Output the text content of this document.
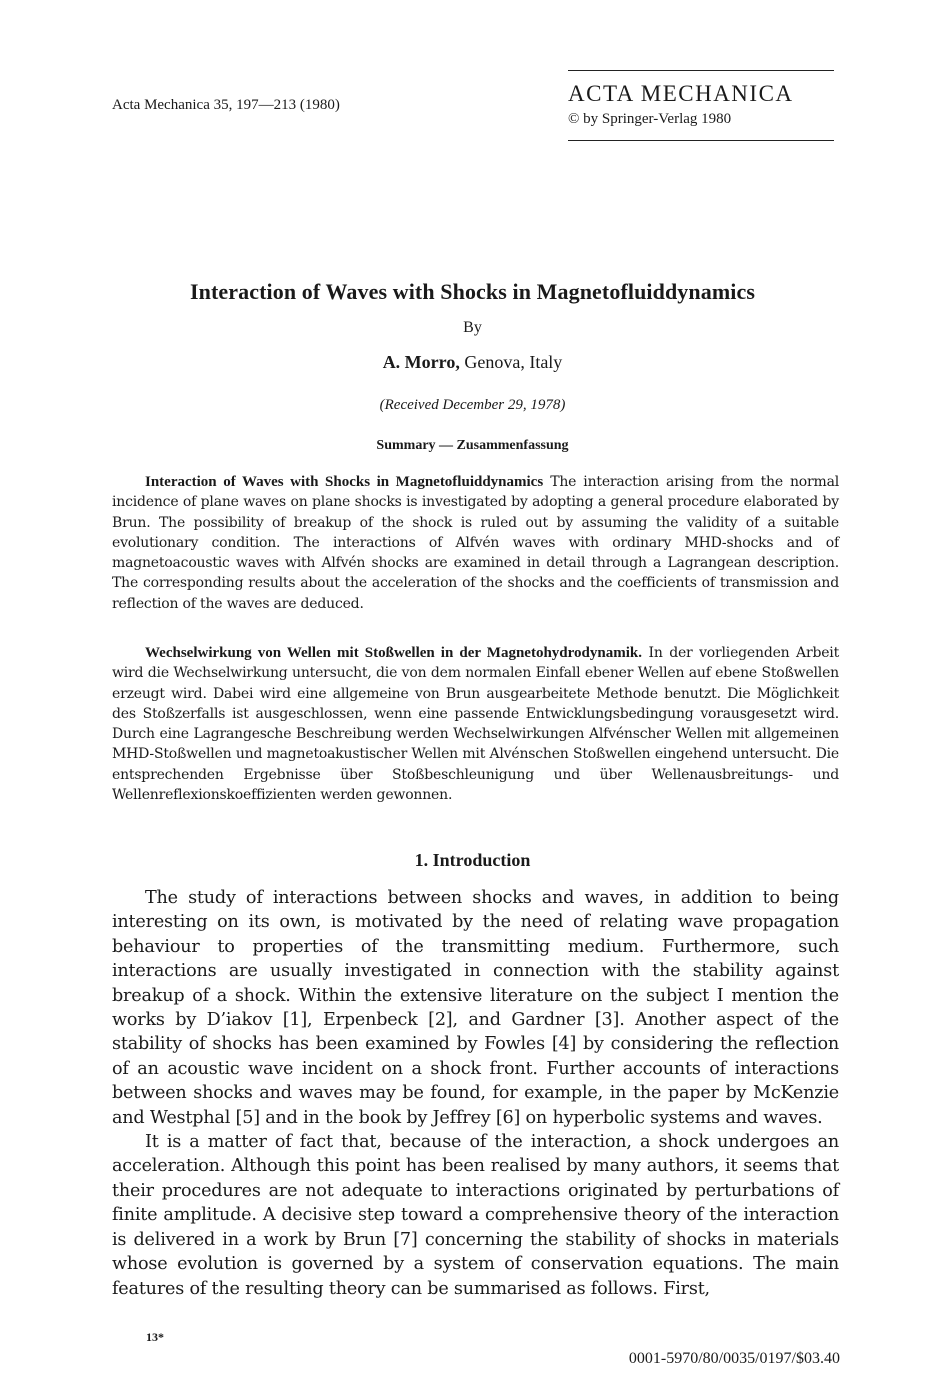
Acta Mechanica 35, 197—213 (1980)	ACTA MECHANICA
© by Springer-Verlag 1980
Interaction of Waves with Shocks in Magnetofluiddynamics
By
A. Morro, Genova, Italy
(Received December 29, 1978)
Summary — Zusammenfassung
Interaction of Waves with Shocks in Magnetofluiddynamics The interaction arising from the normal incidence of plane waves on plane shocks is investigated by adopting a general procedure elaborated by Brun. The possibility of breakup of the shock is ruled out by assuming the validity of a suitable evolutionary condition. The interactions of Alfvén waves with ordinary MHD-shocks and of magnetoacoustic waves with Alfvén shocks are examined in detail through a Lagrangean description. The corresponding results about the acceleration of the shocks and the coefficients of transmission and reflection of the waves are deduced.
Wechselwirkung von Wellen mit Stoßwellen in der Magnetohydrodynamik. In der vorliegenden Arbeit wird die Wechselwirkung untersucht, die von dem normalen Einfall ebener Wellen auf ebene Stoßwellen erzeugt wird. Dabei wird eine allgemeine von Brun ausgearbeitete Methode benutzt. Die Möglichkeit des Stoßzerfalls ist ausgeschlossen, wenn eine passende Entwicklungsbedingung vorausgesetzt wird. Durch eine Lagrangesche Beschreibung werden Wechselwirkungen Alfvénscher Wellen mit allgemeinen MHD-Stoßwellen und magnetoakustischer Wellen mit Alvénschen Stoßwellen eingehend untersucht. Die entsprechenden Ergebnisse über Stoßbeschleunigung und über Wellenausbreitungs- und Wellenreflexionskoeffizienten werden gewonnen.
1. Introduction

The study of interactions between shocks and waves, in addition to being interesting on its own, is motivated by the need of relating wave propagation behaviour to properties of the transmitting medium. Furthermore, such interactions are usually investigated in connection with the stability against breakup of a shock. Within the extensive literature on the subject I mention the works by D’iakov [1], Erpenbeck [2], and Gardner [3]. Another aspect of the stability of shocks has been examined by Fowles [4] by considering the reflection of an acoustic wave incident on a shock front. Further accounts of interactions between shocks and waves may be found, for example, in the paper by McKenzie and Westphal [5] and in the book by Jeffrey [6] on hyperbolic systems and waves.

It is a matter of fact that, because of the interaction, a shock undergoes an acceleration. Although this point has been realised by many authors, it seems that their procedures are not adequate to interactions originated by perturbations of finite amplitude. A decisive step toward a comprehensive theory of the interaction is delivered in a work by Brun [7] concerning the stability of shocks in materials whose evolution is governed by a system of conservation equations. The main features of the resulting theory can be summarised as follows. First,

13*
0001-5970/80/0035/0197/$03.40
